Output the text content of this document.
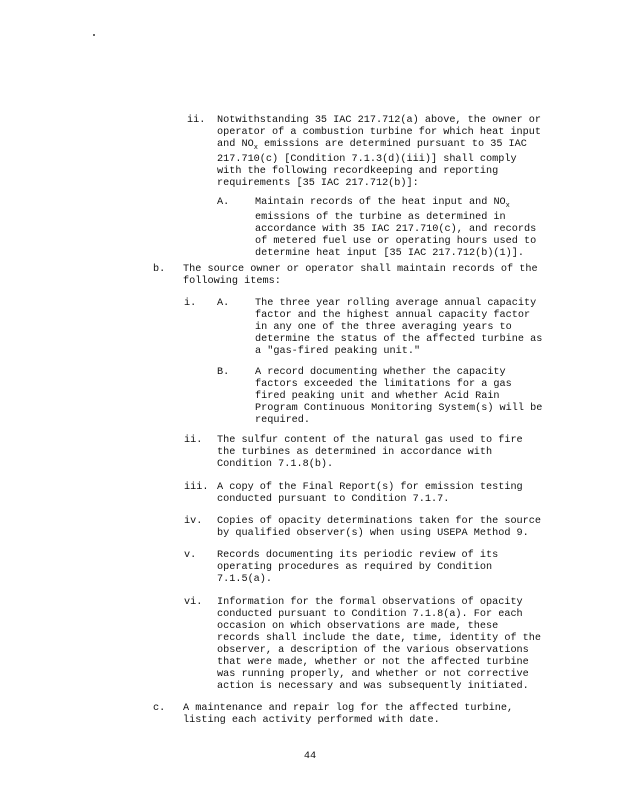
ii. Notwithstanding 35 IAC 217.712(a) above, the owner or operator of a combustion turbine for which heat input and $NO_x$ emissions are determined pursuant to 35 IAC 217.710(c) [Condition 7.1.3(d)(iii)] shall comply with the following recordkeeping and reporting requirements [35 IAC 217.712(b)]:
A.	Maintain records of the heat input and $NO_x$ emissions of the turbine as determined in accordance with 35 IAC 217.710(c), and records of metered fuel use or operating hours used to determine heat input [35 IAC 217.712(b)(1)].
b. The source owner or operator shall maintain records of the following items:
i. A.	The three year rolling average annual capacity factor and the highest annual capacity factor in any one of the three averaging years to determine the status of the affected turbine as a "gas-fired peaking unit."
B.	A record documenting whether the capacity factors exceeded the limitations for a gas fired peaking unit and whether Acid Rain Program Continuous Monitoring System(s) will be required.
ii. The sulfur content of the natural gas used to fire the turbines as determined in accordance with Condition 7.1.8(b).
iii. A copy of the Final Report(s) for emission testing conducted pursuant to Condition 7.1.7.
iv. Copies of opacity determinations taken for the source by qualified observer(s) when using USEPA Method 9.
v. Records documenting its periodic review of its operating procedures as required by Condition 7.1.5(a).
vi. Information for the formal observations of opacity conducted pursuant to Condition 7.1.8(a). For each occasion on which observations are made, these records shall include the date, time, identity of the observer, a description of the various observations that were made, whether or not the affected turbine was running properly, and whether or not corrective action is necessary and was subsequently initiated.
c. A maintenance and repair log for the affected turbine, listing each activity performed with date.
44
